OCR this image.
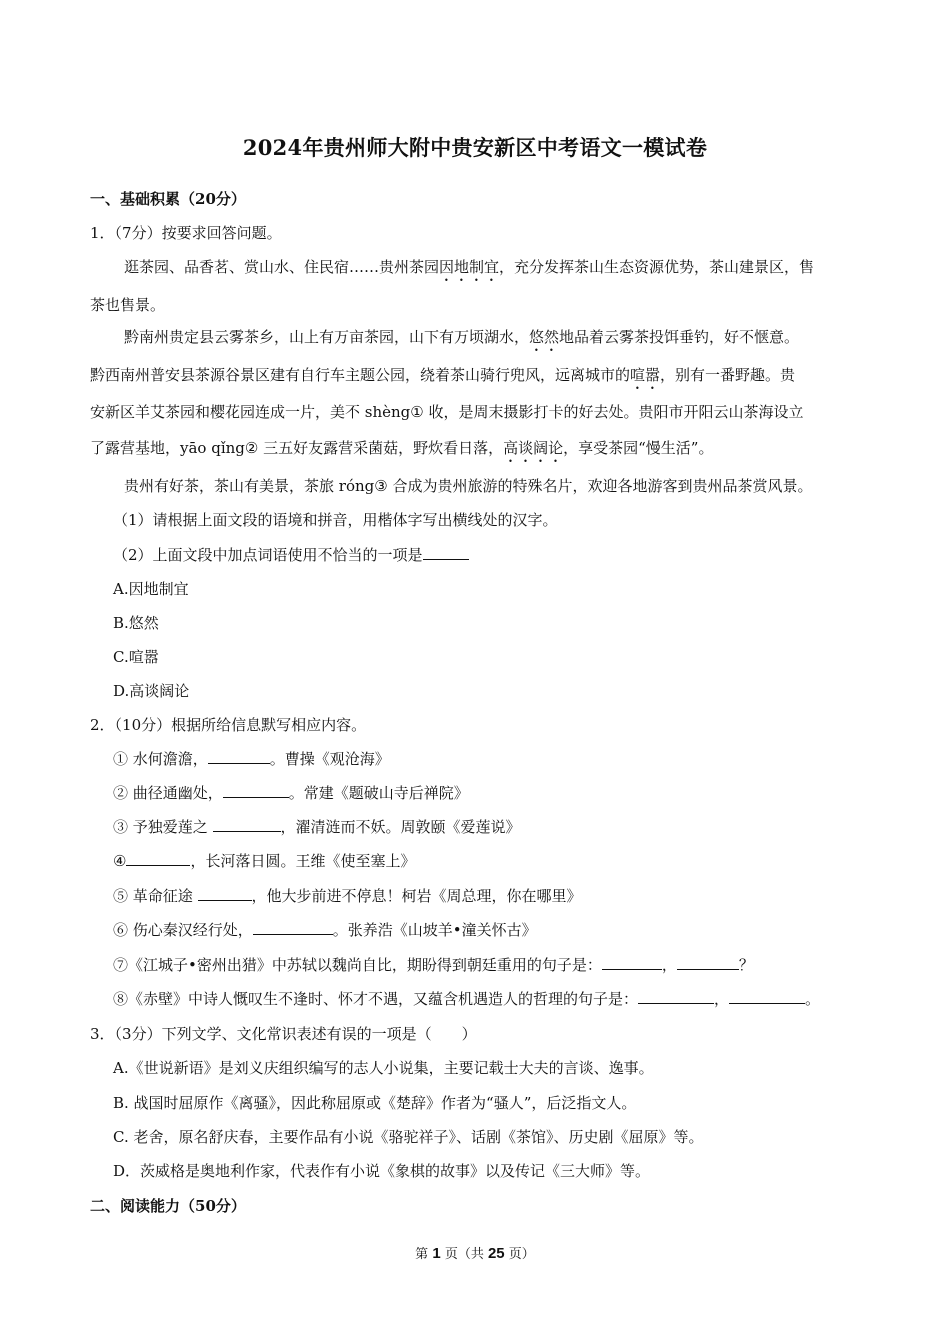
2024年贵州师大附中贵安新区中考语文一模试卷
一、基础积累（20分）
1．（7分）按要求回答问题。
逛茶园、品香茗、赏山水、住民宿……贵州茶园因地制宜，充分发挥茶山生态资源优势，茶山建景区，售
茶也售景。
黔南州贵定县云雾茶乡，山上有万亩茶园，山下有万顷湖水，悠然地品着云雾茶投饵垂钓，好不惬意。
黔西南州普安县茶源谷景区建有自行车主题公园，绕着茶山骑行兜风，远离城市的喧嚣，别有一番野趣。贵
安新区羊艾茶园和樱花园连成一片，美不 shèng① 收，是周末摄影打卡的好去处。贵阳市开阳云山茶海设立
了露营基地，yāo qǐng② 三五好友露营采菌菇，野炊看日落，高谈阔论，享受茶园“慢生活”。
贵州有好茶，茶山有美景，茶旅 róng③ 合成为贵州旅游的特殊名片，欢迎各地游客到贵州品茶赏风景。
（1）请根据上面文段的语境和拼音，用楷体字写出横线处的汉字。
（2）上面文段中加点词语使用不恰当的一项是
A.因地制宜
B.悠然
C.喧嚣
D.高谈阔论
2．（10分）根据所给信息默写相应内容。
① 水何澹澹，	。曹操《观沧海》
② 曲径通幽处，	。常建《题破山寺后禅院》
③ 予独爱莲之	，濯清涟而不妖。周敦颐《爱莲说》
④	，长河落日圆。王维《使至塞上》
⑤ 革命征途	，他大步前进不停息！柯岩《周总理，你在哪里》
⑥ 伤心秦汉经行处，	。张养浩《山坡羊•潼关怀古》
⑦《江城子•密州出猎》中苏轼以魏尚自比，期盼得到朝廷重用的句子是：	，	？
⑧《赤壁》中诗人慨叹生不逢时、怀才不遇，又蕴含机遇造人的哲理的句子是：	，	。
3．（3分）下列文学、文化常识表述有误的一项是（　　）
A.《世说新语》是刘义庆组织编写的志人小说集，主要记载士大夫的言谈、逸事。
B. 战国时屈原作《离骚》，因此称屈原或《楚辞》作者为“骚人”，后泛指文人。
C. 老舍，原名舒庆春，主要作品有小说《骆驼祥子》、话剧《茶馆》、历史剧《屈原》等。
D．茨威格是奥地利作家，代表作有小说《象棋的故事》以及传记《三大师》等。
二、阅读能力（50分）
第 1 页（共 25 页）
